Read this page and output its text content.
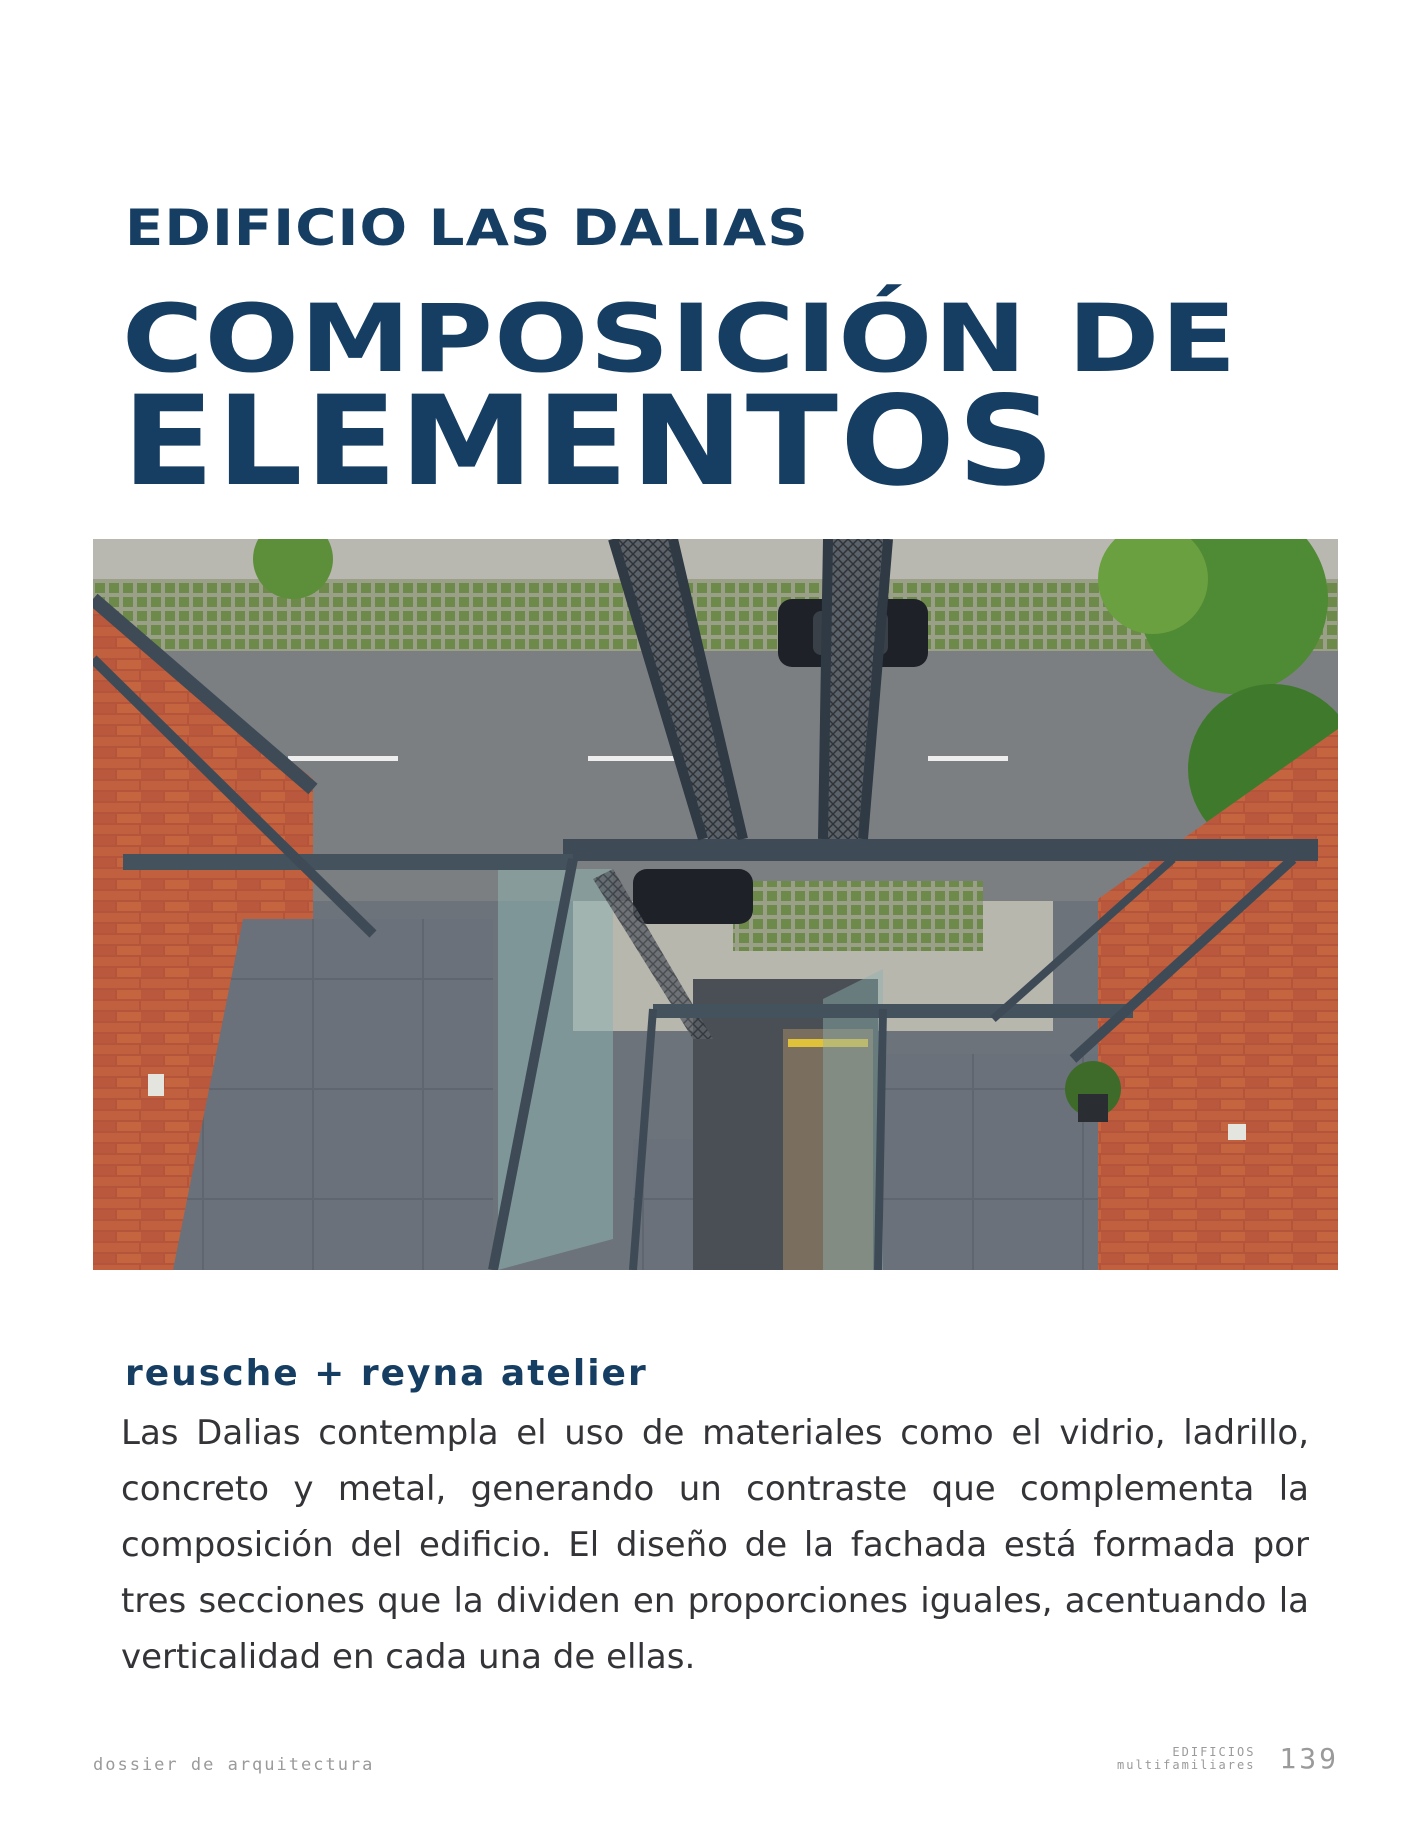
EDIFICIO LAS DALIAS
COMPOSICIÓN DE
ELEMENTOS
reusche + reyna atelier

Las Dalias contempla el uso de materiales como el vidrio, ladrillo, concreto y metal, generando un contraste que complementa la composición del edificio. El diseño de la fachada está formada por tres secciones que la dividen en proporciones iguales, acentuando la verticalidad en cada una de ellas.

dossier de arquitectura
EDIFICIOS
multifamiliares 139
